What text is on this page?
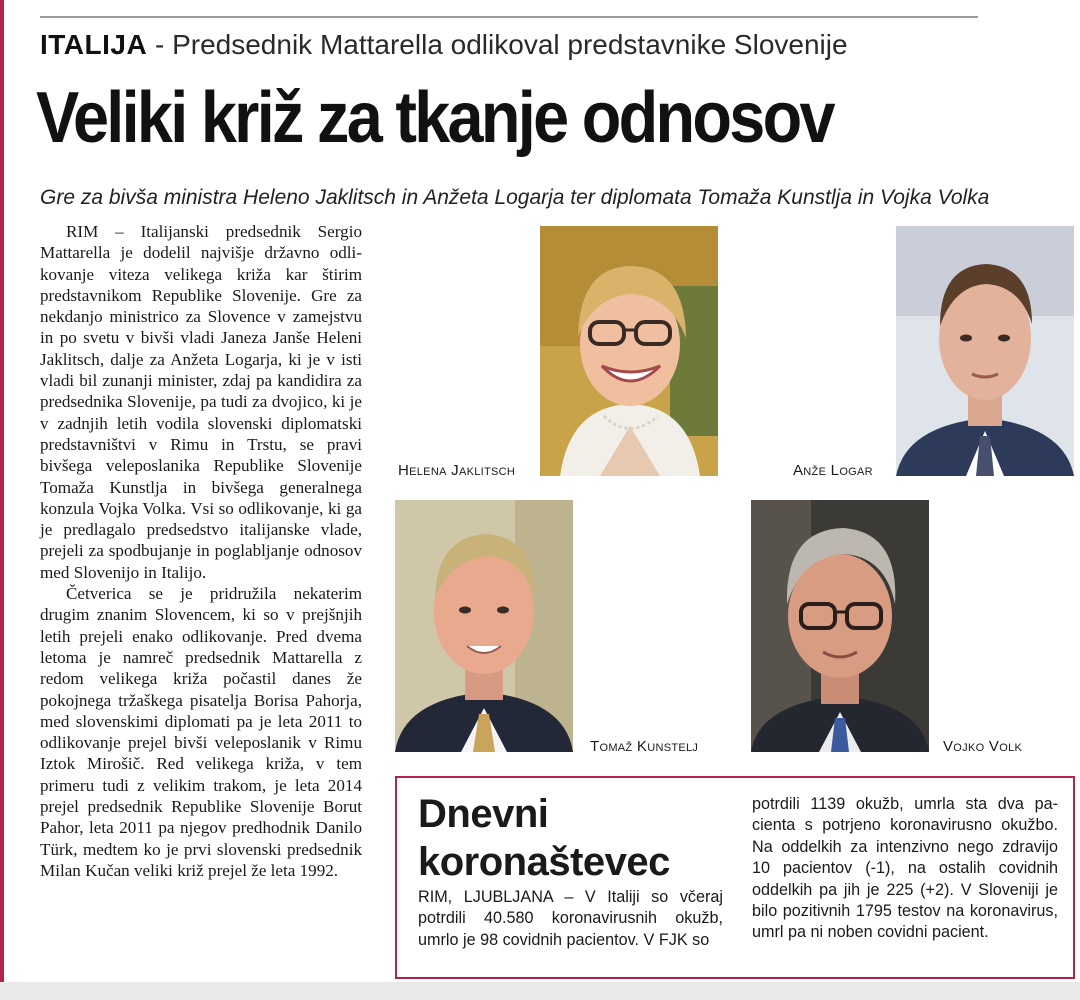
ITALIJA - Predsednik Mattarella odlikoval predstavnike Slovenije
Veliki križ za tkanje odnosov
Gre za bivša ministra Heleno Jaklitsch in Anžeta Logarja ter diplomata Tomaža Kunstlja in Vojka Volka

RIM – Italijanski predsednik Sergio Mattarella je dodelil najvišje državno odlikovanje viteza velikega križa kar štirim predstavnikom Republike Slovenije. Gre za nekdanjo ministrico za Slovence v zamejstvu in po svetu v bivši vladi Janeza Janše Heleni Jaklitsch, dalje za Anžeta Logarja, ki je v isti vladi bil zunanji minister, zdaj pa kandidira za predsednika Slovenije, pa tudi za dvojico, ki je v zadnjih letih vodila slovenski diplomatski predstavništvi v Rimu in Trstu, se pravi bivšega veleposlanika Republike Slovenije Tomaža Kunstlja in bivšega generalnega konzula Vojka Volka. Vsi so odlikovanje, ki ga je predlagalo predsedstvo italijanske vlade, prejeli za spodbujanje in poglabljanje odnosov med Slovenijo in Italijo.

Četverica se je pridružila nekaterim drugim znanim Slovencem, ki so v prejšnjih letih prejeli enako odlikovanje. Pred dvema letoma je namreč predsednik Mattarella z redom velikega križa počastil danes že pokojnega tržaškega pisatelja Borisa Pahorja, med slovenskimi diplomati pa je leta 2011 to odlikovanje prejel bivši veleposlanik v Rimu Iztok Mirošič. Red velikega križa, v tem primeru tudi z velikim trakom, je leta 2014 prejel predsednik Republike Slovenije Borut Pahor, leta 2011 pa njegov predhodnik Danilo Türk, medtem ko je prvi slovenski predsednik Milan Kučan veliki križ prejel že leta 1992.

Helena Jaklitsch	Anže Logar
Tomaž Kunstelj	Vojko Volk
Dnevni
koronaštevec
RIM, LJUBLJANA – V Italiji so včeraj potrdili 40.580 koronavirusnih okužb, umrlo je 98 covidnih pacientov. V FJK so
potrdili 1139 okužb, umrla sta dva pacienta s potrjeno koronavirusno okužbo. Na oddelkih za intenzivno nego zdravijo 10 pacientov (-1), na ostalih covidnih oddelkih pa jih je 225 (+2). V Sloveniji je bilo pozitivnih 1795 testov na koronavirus, umrl pa ni noben covidni pacient.
